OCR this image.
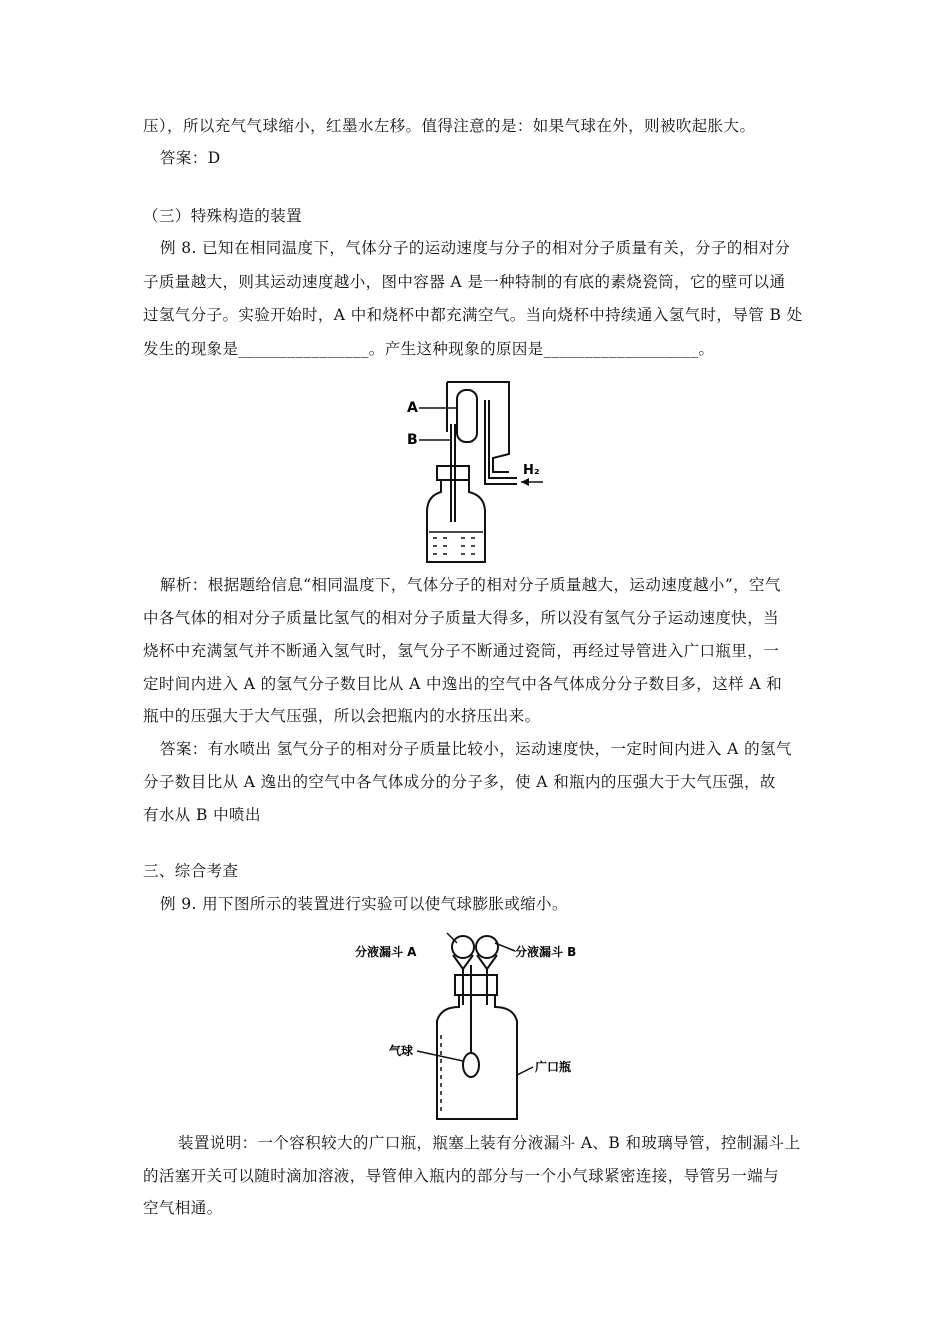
压），所以充气气球缩小，红墨水左移。值得注意的是：如果气球在外，则被吹起胀大。
答案：D
（三）特殊构造的装置
例 8. 已知在相同温度下，气体分子的运动速度与分子的相对分子质量有关，分子的相对分
子质量越大，则其运动速度越小，图中容器 A 是一种特制的有底的素烧瓷筒，它的壁可以通
过氢气分子。实验开始时，A 中和烧杯中都充满空气。当向烧杯中持续通入氢气时，导管 B 处
发生的现象是________________。产生这种现象的原因是___________________。
A
B
H₂
解析：根据题给信息“相同温度下，气体分子的相对分子质量越大，运动速度越小”，空气
中各气体的相对分子质量比氢气的相对分子质量大得多，所以没有氢气分子运动速度快，当
烧杯中充满氢气并不断通入氢气时，氢气分子不断通过瓷筒，再经过导管进入广口瓶里，一
定时间内进入 A 的氢气分子数目比从 A 中逸出的空气中各气体成分分子数目多，这样 A 和
瓶中的压强大于大气压强，所以会把瓶内的水挤压出来。
答案：有水喷出 氢气分子的相对分子质量比较小，运动速度快，一定时间内进入 A 的氢气
分子数目比从 A 逸出的空气中各气体成分的分子多，使 A 和瓶内的压强大于大气压强，故
有水从 B 中喷出
三、综合考查
例 9. 用下图所示的装置进行实验可以使气球膨胀或缩小。
分液漏斗 A	分液漏斗 B
气球
广口瓶
装置说明：一个容积较大的广口瓶，瓶塞上装有分液漏斗 A、B 和玻璃导管，控制漏斗上
的活塞开关可以随时滴加溶液，导管伸入瓶内的部分与一个小气球紧密连接，导管另一端与
空气相通。
